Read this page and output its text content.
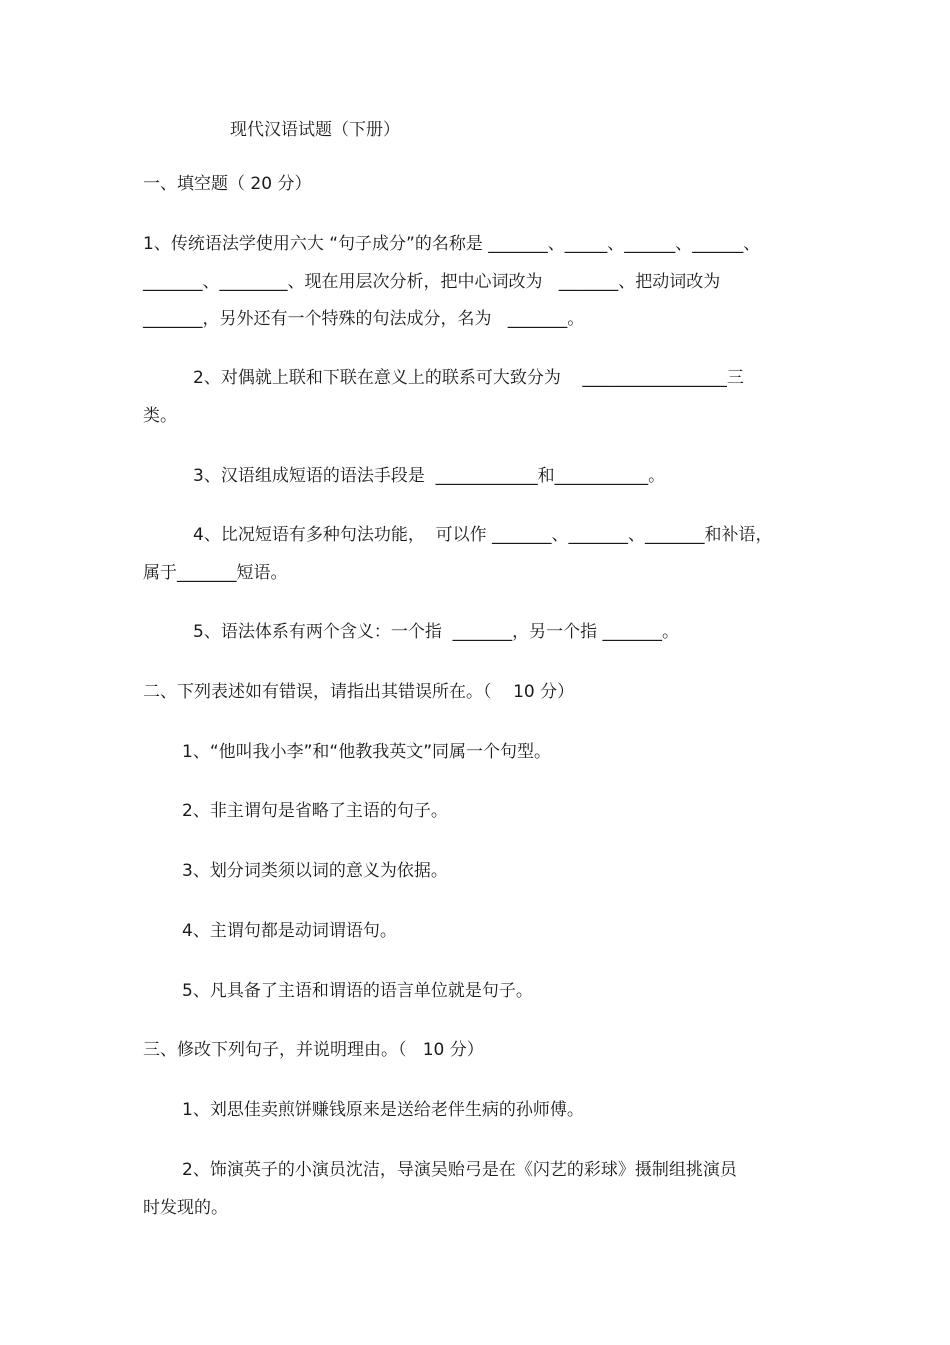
现代汉语试题（下册）
一、填空题（ 20 分）
1、传统语法学使用六大 “句子成分”的名称是 _______、_____、______、______、
_______、________、现在用层次分析，把中心词改为   _______、把动词改为
_______，另外还有一个特殊的句法成分，名为   _______。
2、对偶就上联和下联在意义上的联系可大致分为    _________________三
类。
3、汉语组成短语的语法手段是  ____________和___________。
4、比况短语有多种句法功能，  可以作 _______、_______、_______和补语，
属于_______短语。
5、语法体系有两个含义：一个指  _______，另一个指 _______。
二、下列表述如有错误，请指出其错误所在。（    10 分）
1、“他叫我小李”和“他教我英文”同属一个句型。
2、非主谓句是省略了主语的句子。
3、划分词类须以词的意义为依据。
4、主谓句都是动词谓语句。
5、凡具备了主语和谓语的语言单位就是句子。
三、修改下列句子，并说明理由。（   10 分）
1、刘思佳卖煎饼赚钱原来是送给老伴生病的孙师傅。
2、饰演英子的小演员沈洁，导演吴贻弓是在《闪艺的彩球》摄制组挑演员
时发现的。
